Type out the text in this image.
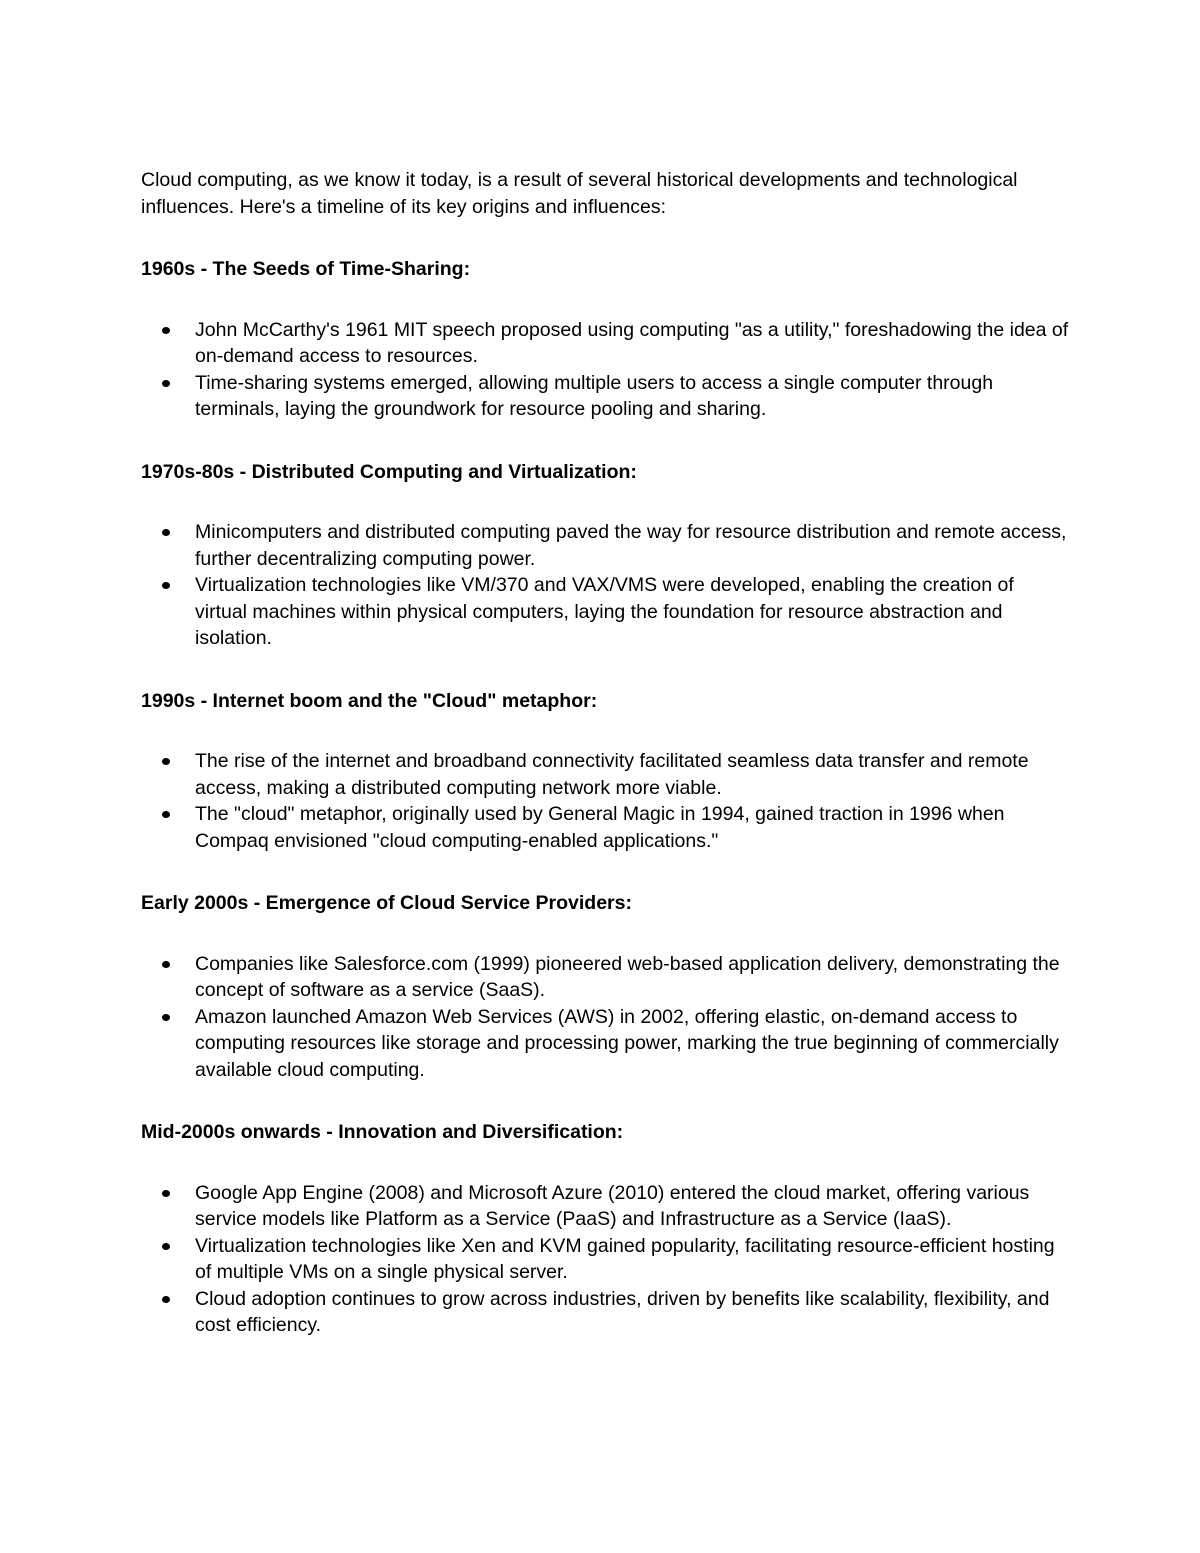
Cloud computing, as we know it today, is a result of several historical developments and technological influences. Here's a timeline of its key origins and influences:

1960s - The Seeds of Time-Sharing:

John McCarthy's 1961 MIT speech proposed using computing "as a utility," foreshadowing the idea of on-demand access to resources.
Time-sharing systems emerged, allowing multiple users to access a single computer through terminals, laying the groundwork for resource pooling and sharing.

1970s-80s - Distributed Computing and Virtualization:

Minicomputers and distributed computing paved the way for resource distribution and remote access, further decentralizing computing power.
Virtualization technologies like VM/370 and VAX/VMS were developed, enabling the creation of virtual machines within physical computers, laying the foundation for resource abstraction and isolation.

1990s - Internet boom and the "Cloud" metaphor:

The rise of the internet and broadband connectivity facilitated seamless data transfer and remote access, making a distributed computing network more viable.
The "cloud" metaphor, originally used by General Magic in 1994, gained traction in 1996 when Compaq envisioned "cloud computing-enabled applications."

Early 2000s - Emergence of Cloud Service Providers:

Companies like Salesforce.com (1999) pioneered web-based application delivery, demonstrating the concept of software as a service (SaaS).
Amazon launched Amazon Web Services (AWS) in 2002, offering elastic, on-demand access to computing resources like storage and processing power, marking the true beginning of commercially available cloud computing.

Mid-2000s onwards - Innovation and Diversification:

Google App Engine (2008) and Microsoft Azure (2010) entered the cloud market, offering various service models like Platform as a Service (PaaS) and Infrastructure as a Service (IaaS).
Virtualization technologies like Xen and KVM gained popularity, facilitating resource-efficient hosting of multiple VMs on a single physical server.
Cloud adoption continues to grow across industries, driven by benefits like scalability, flexibility, and cost efficiency.
